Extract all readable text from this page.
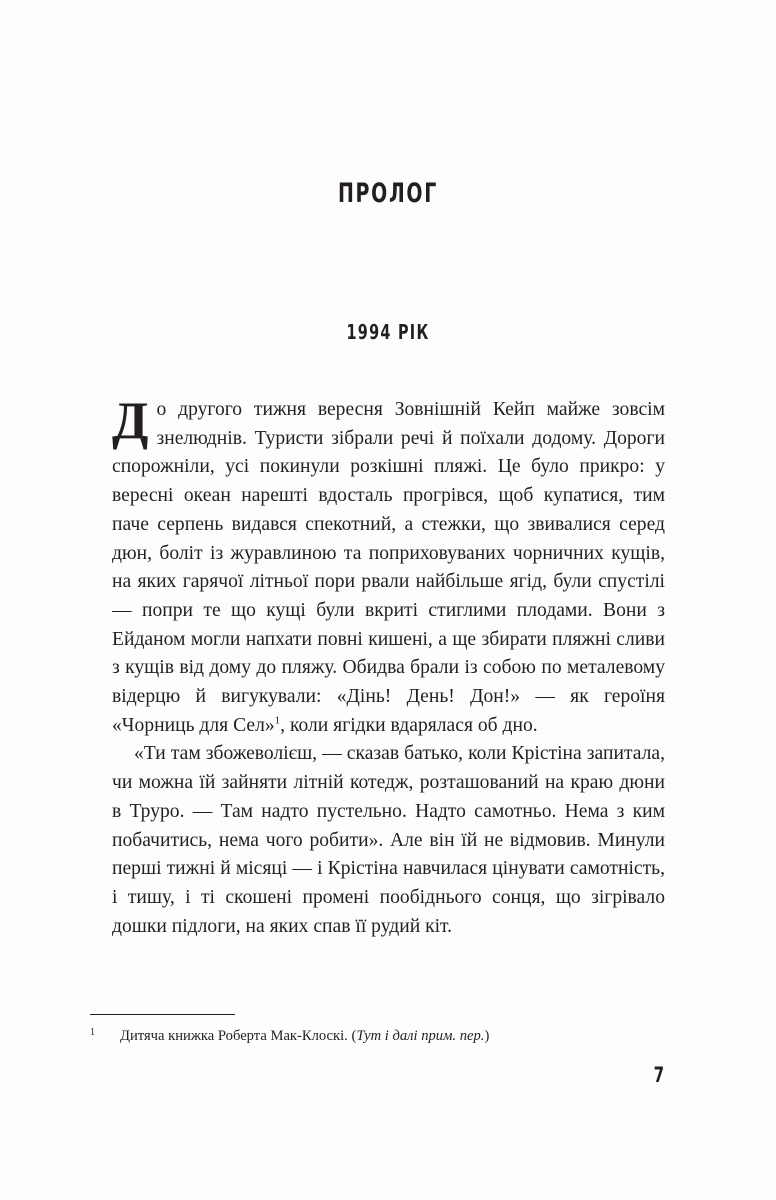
ПРОЛОГ
1994 РІК

До другого тижня вересня Зовнішній Кейп майже зовсім знелюднів. Туристи зібрали речі й поїхали додому. Дороги спорожніли, усі покинули розкішні пляжі. Це було прикро: у вересні океан нарешті вдосталь прогрівся, щоб купатися, тим паче серпень видався спекотний, а стежки, що звивалися серед дюн, боліт із журавлиною та поприховуваних чорничних кущів, на яких гарячої літньої пори рвали найбільше ягід, були спустілі — попри те що кущі були вкриті стиглими плодами. Вони з Ейданом могли напхати повні кишені, а ще збирати пляжні сливи з кущів від дому до пляжу. Обидва брали із собою по металевому відерцю й вигукували: «Дінь! День! Дон!» — як героїня «Чорниць для Сел»$^1$, коли ягідки вдарялася об дно.

«Ти там збожеволієш, — сказав батько, коли Крістіна запитала, чи можна їй зайняти літній котедж, розташований на краю дюни в Труро. — Там надто пустельно. Надто самотньо. Нема з ким побачитись, нема чого робити». Але він їй не відмовив. Минули перші тижні й місяці — і Крістіна навчилася цінувати самотність, і тишу, і ті скошені промені пообіднього сонця, що зігрівало дошки підлоги, на яких спав її рудий кіт.

1	Дитяча книжка Роберта Мак-Клоскі. (Тут і далі прим. пер.)
7
